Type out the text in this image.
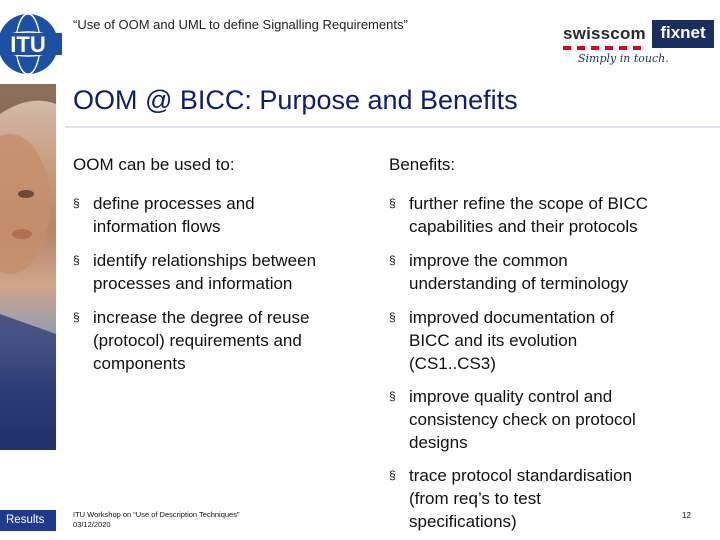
ITU
“Use of OOM and UML to define Signalling Requirements”	swisscom fixnet
Simply in touch.
Intro
OOM
BICC
Results
OOM @ BICC: Purpose and Benefits
OOM can be used to:
§ define processes and
information flows
§ identify relationships between
processes and information
§ increase the degree of reuse
(protocol) requirements and
components
Benefits:
§ further refine the scope of BICC
capabilities and their protocols
§ improve the common
understanding of terminology
§ improved documentation of
BICC and its evolution
(CS1..CS3)
§ improve quality control and
consistency check on protocol
designs
§ trace protocol standardisation
(from req’s to test
specifications)
ITU Workshop on “Use of Description Techniques”
03/12/2020
12
